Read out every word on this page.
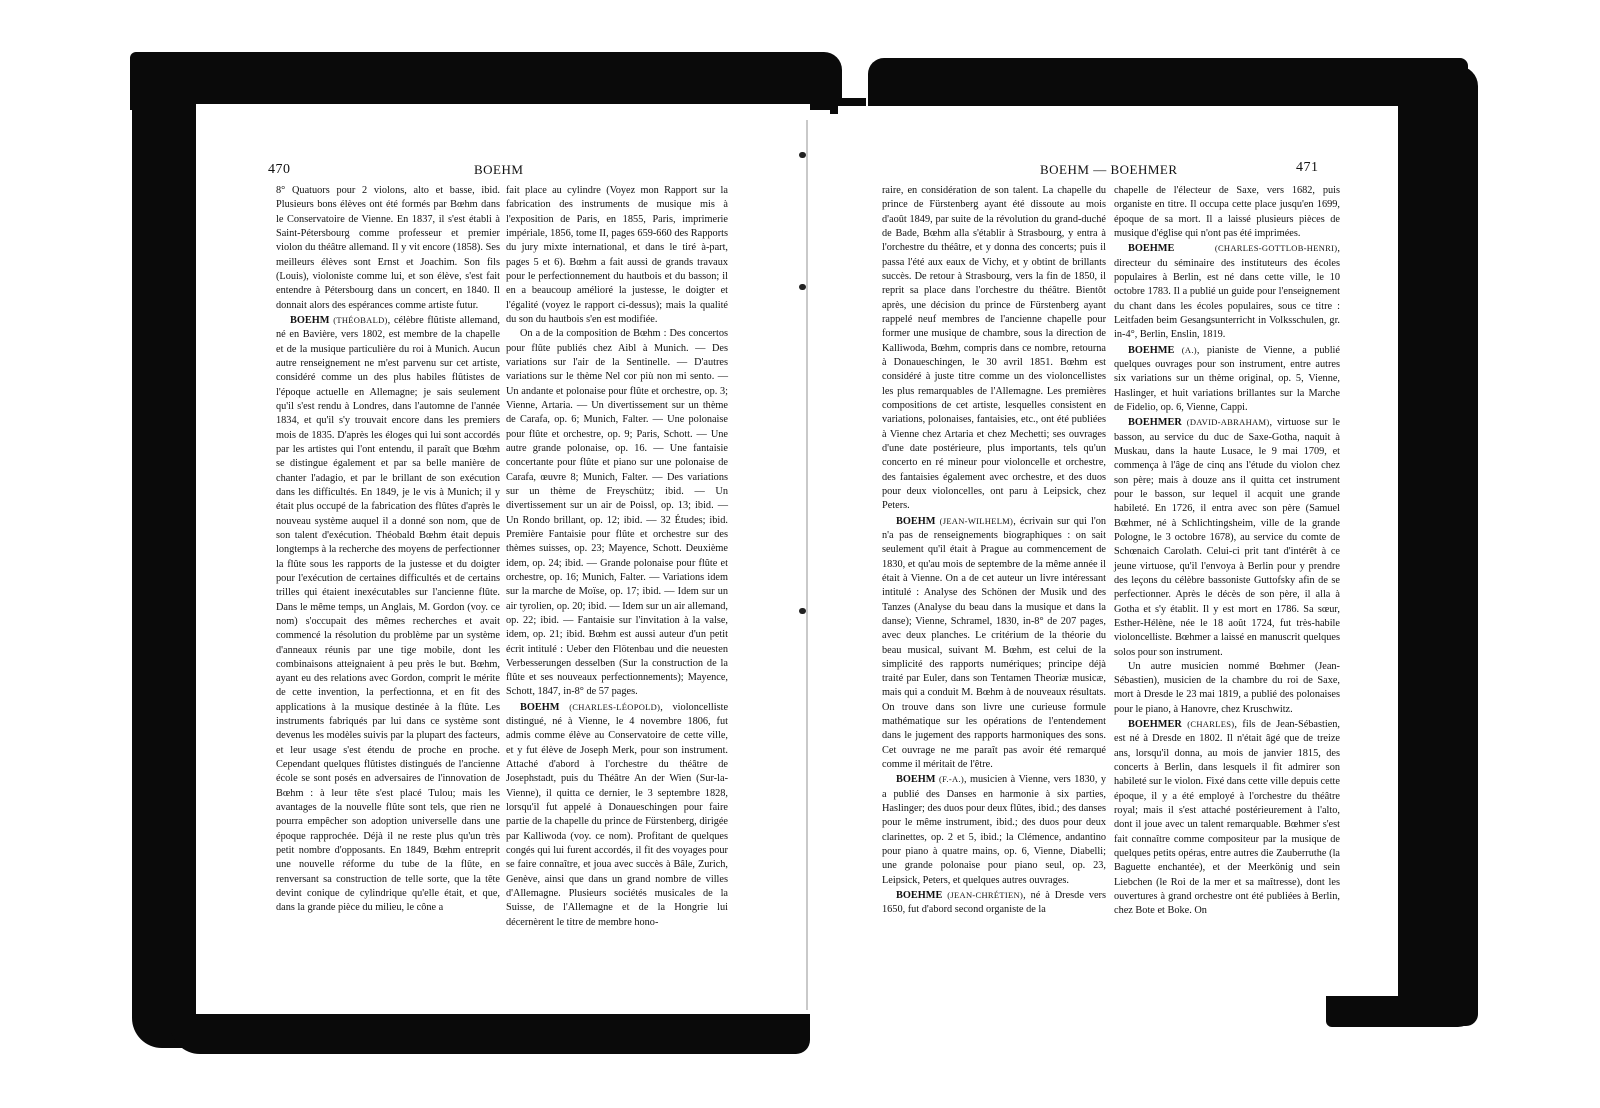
470	BOEHM	BOEHM — BOEHMER	471

8° Quatuors pour 2 violons, alto et basse, ibid. Plusieurs bons élèves ont été formés par Bœhm dans le Conservatoire de Vienne. En 1837, il s'est établi à Saint-Pétersbourg comme professeur et premier violon du théâtre allemand. Il y vit encore (1858). Ses meilleurs élèves sont Ernst et Joachim. Son fils (Louis), violoniste comme lui, et son élève, s'est fait entendre à Pétersbourg dans un concert, en 1840. Il donnait alors des espérances comme artiste futur.

BOEHM (THÉOBALD), célèbre flûtiste allemand, né en Bavière, vers 1802, est membre de la chapelle et de la musique particulière du roi à Munich. Aucun autre renseignement ne m'est parvenu sur cet artiste, considéré comme un des plus habiles flûtistes de l'époque actuelle en Allemagne; je sais seulement qu'il s'est rendu à Londres, dans l'automne de l'année 1834, et qu'il s'y trouvait encore dans les premiers mois de 1835. D'après les éloges qui lui sont accordés par les artistes qui l'ont entendu, il paraît que Bœhm se distingue également et par sa belle manière de chanter l'adagio, et par le brillant de son exécution dans les difficultés. En 1849, je le vis à Munich; il y était plus occupé de la fabrication des flûtes d'après le nouveau système auquel il a donné son nom, que de son talent d'exécution. Théobald Bœhm était depuis longtemps à la recherche des moyens de perfectionner la flûte sous les rapports de la justesse et du doigter pour l'exécution de certaines difficultés et de certains trilles qui étaient inexécutables sur l'ancienne flûte. Dans le même temps, un Anglais, M. Gordon (voy. ce nom) s'occupait des mêmes recherches et avait commencé la résolution du problème par un système d'anneaux réunis par une tige mobile, dont les combinaisons atteignaient à peu près le but. Bœhm, ayant eu des relations avec Gordon, comprit le mérite de cette invention, la perfectionna, et en fit des applications à la musique destinée à la flûte. Les instruments fabriqués par lui dans ce système sont devenus les modèles suivis par la plupart des facteurs, et leur usage s'est étendu de proche en proche. Cependant quelques flûtistes distingués de l'ancienne école se sont posés en adversaires de l'innovation de Bœhm : à leur tête s'est placé Tulou; mais les avantages de la nouvelle flûte sont tels, que rien ne pourra empêcher son adoption universelle dans une époque rapprochée. Déjà il ne reste plus qu'un très petit nombre d'opposants. En 1849, Bœhm entreprit une nouvelle réforme du tube de la flûte, en renversant sa construction de telle sorte, que la tête devint conique de cylindrique qu'elle était, et que, dans la grande pièce du milieu, le cône a

fait place au cylindre (Voyez mon Rapport sur la fabrication des instruments de musique mis à l'exposition de Paris, en 1855, Paris, imprimerie impériale, 1856, tome II, pages 659-660 des Rapports du jury mixte international, et dans le tiré à-part, pages 5 et 6). Bœhm a fait aussi de grands travaux pour le perfectionnement du hautbois et du basson; il en a beaucoup amélioré la justesse, le doigter et l'égalité (voyez le rapport ci-dessus); mais la qualité du son du hautbois s'en est modifiée.

On a de la composition de Bœhm : Des concertos pour flûte publiés chez Aibl à Munich. — Des variations sur l'air de la Sentinelle. — D'autres variations sur le thème Nel cor più non mi sento. — Un andante et polonaise pour flûte et orchestre, op. 3; Vienne, Artaria. — Un divertissement sur un thème de Carafa, op. 6; Munich, Falter. — Une polonaise pour flûte et orchestre, op. 9; Paris, Schott. — Une autre grande polonaise, op. 16. — Une fantaisie concertante pour flûte et piano sur une polonaise de Carafa, œuvre 8; Munich, Falter. — Des variations sur un thème de Freyschütz; ibid. — Un divertissement sur un air de Poissl, op. 13; ibid. — Un Rondo brillant, op. 12; ibid. — 32 Études; ibid. Première Fantaisie pour flûte et orchestre sur des thèmes suisses, op. 23; Mayence, Schott. Deuxième idem, op. 24; ibid. — Grande polonaise pour flûte et orchestre, op. 16; Munich, Falter. — Variations idem sur la marche de Moïse, op. 17; ibid. — Idem sur un air tyrolien, op. 20; ibid. — Idem sur un air allemand, op. 22; ibid. — Fantaisie sur l'invitation à la valse, idem, op. 21; ibid. Bœhm est aussi auteur d'un petit écrit intitulé : Ueber den Flötenbau und die neuesten Verbesserungen desselben (Sur la construction de la flûte et ses nouveaux perfectionnements); Mayence, Schott, 1847, in-8° de 57 pages.

BOEHM (CHARLES-LÉOPOLD), violoncelliste distingué, né à Vienne, le 4 novembre 1806, fut admis comme élève au Conservatoire de cette ville, et y fut élève de Joseph Merk, pour son instrument. Attaché d'abord à l'orchestre du théâtre de Josephstadt, puis du Théâtre An der Wien (Sur-la-Vienne), il quitta ce dernier, le 3 septembre 1828, lorsqu'il fut appelé à Donaueschingen pour faire partie de la chapelle du prince de Fürstenberg, dirigée par Kalliwoda (voy. ce nom). Profitant de quelques congés qui lui furent accordés, il fit des voyages pour se faire connaître, et joua avec succès à Bâle, Zurich, Genève, ainsi que dans un grand nombre de villes d'Allemagne. Plusieurs sociétés musicales de la Suisse, de l'Allemagne et de la Hongrie lui décernèrent le titre de membre hono-

raire, en considération de son talent. La chapelle du prince de Fürstenberg ayant été dissoute au mois d'août 1849, par suite de la révolution du grand-duché de Bade, Bœhm alla s'établir à Strasbourg, y entra à l'orchestre du théâtre, et y donna des concerts; puis il passa l'été aux eaux de Vichy, et y obtint de brillants succès. De retour à Strasbourg, vers la fin de 1850, il reprit sa place dans l'orchestre du théâtre. Bientôt après, une décision du prince de Fürstenberg ayant rappelé neuf membres de l'ancienne chapelle pour former une musique de chambre, sous la direction de Kalliwoda, Bœhm, compris dans ce nombre, retourna à Donaueschingen, le 30 avril 1851. Bœhm est considéré à juste titre comme un des violoncellistes les plus remarquables de l'Allemagne. Les premières compositions de cet artiste, lesquelles consistent en variations, polonaises, fantaisies, etc., ont été publiées à Vienne chez Artaria et chez Mechetti; ses ouvrages d'une date postérieure, plus importants, tels qu'un concerto en ré mineur pour violoncelle et orchestre, des fantaisies également avec orchestre, et des duos pour deux violoncelles, ont paru à Leipsick, chez Peters.

BOEHM (JEAN-WILHELM), écrivain sur qui l'on n'a pas de renseignements biographiques : on sait seulement qu'il était à Prague au commencement de 1830, et qu'au mois de septembre de la même année il était à Vienne. On a de cet auteur un livre intéressant intitulé : Analyse des Schönen der Musik und des Tanzes (Analyse du beau dans la musique et dans la danse); Vienne, Schramel, 1830, in-8° de 207 pages, avec deux planches. Le critérium de la théorie du beau musical, suivant M. Bœhm, est celui de la simplicité des rapports numériques; principe déjà traité par Euler, dans son Tentamen Theoriæ musicæ, mais qui a conduit M. Bœhm à de nouveaux résultats. On trouve dans son livre une curieuse formule mathématique sur les opérations de l'entendement dans le jugement des rapports harmoniques des sons. Cet ouvrage ne me paraît pas avoir été remarqué comme il méritait de l'être.

BOEHM (F.-A.), musicien à Vienne, vers 1830, y a publié des Danses en harmonie à six parties, Haslinger; des duos pour deux flûtes, ibid.; des danses pour le même instrument, ibid.; des duos pour deux clarinettes, op. 2 et 5, ibid.; la Clémence, andantino pour piano à quatre mains, op. 6, Vienne, Diabelli; une grande polonaise pour piano seul, op. 23, Leipsick, Peters, et quelques autres ouvrages.

BOEHME (JEAN-CHRÉTIEN), né à Dresde vers 1650, fut d'abord second organiste de la

chapelle de l'électeur de Saxe, vers 1682, puis organiste en titre. Il occupa cette place jusqu'en 1699, époque de sa mort. Il a laissé plusieurs pièces de musique d'église qui n'ont pas été imprimées.

BOEHME	(CHARLES-GOTTLOB-HENRI), directeur du séminaire des instituteurs des écoles populaires à Berlin, est né dans cette ville, le 10 octobre 1783. Il a publié un guide pour l'enseignement du chant dans les écoles populaires, sous ce titre : Leitfaden beim Gesangsunterricht in Volksschulen, gr. in-4°, Berlin, Enslin, 1819.

BOEHME (A.), pianiste de Vienne, a publié quelques ouvrages pour son instrument, entre autres six variations sur un thème original, op. 5, Vienne, Haslinger, et huit variations brillantes sur la Marche de Fidelio, op. 6, Vienne, Cappi.

BOEHMER (DAVID-ABRAHAM), virtuose sur le basson, au service du duc de Saxe-Gotha, naquit à Muskau, dans la haute Lusace, le 9 mai 1709, et commença à l'âge de cinq ans l'étude du violon chez son père; mais à douze ans il quitta cet instrument pour le basson, sur lequel il acquit une grande habileté. En 1726, il entra avec son père (Samuel Bœhmer, né à Schlichtingsheim, ville de la grande Pologne, le 3 octobre 1678), au service du comte de Schœnaich Carolath. Celui-ci prit tant d'intérêt à ce jeune virtuose, qu'il l'envoya à Berlin pour y prendre des leçons du célèbre bassoniste Guttofsky afin de se perfectionner. Après le décès de son père, il alla à Gotha et s'y établit. Il y est mort en 1786. Sa sœur, Esther-Hélène, née le 18 août 1724, fut très-habile violoncelliste. Bœhmer a laissé en manuscrit quelques solos pour son instrument.

Un autre musicien nommé Bœhmer (Jean-Sébastien), musicien de la chambre du roi de Saxe, mort à Dresde le 23 mai 1819, a publié des polonaises pour le piano, à Hanovre, chez Kruschwitz.

BOEHMER (CHARLES), fils de Jean-Sébastien, est né à Dresde en 1802. Il n'était âgé que de treize ans, lorsqu'il donna, au mois de janvier 1815, des concerts à Berlin, dans lesquels il fit admirer son habileté sur le violon. Fixé dans cette ville depuis cette époque, il y a été employé à l'orchestre du théâtre royal; mais il s'est attaché postérieurement à l'alto, dont il joue avec un talent remarquable. Bœhmer s'est fait connaître comme compositeur par la musique de quelques petits opéras, entre autres die Zauberruthe (la Baguette enchantée), et der Meerkönig und sein Liebchen (le Roi de la mer et sa maîtresse), dont les ouvertures à grand orchestre ont été publiées à Berlin, chez Bote et Boke. On
